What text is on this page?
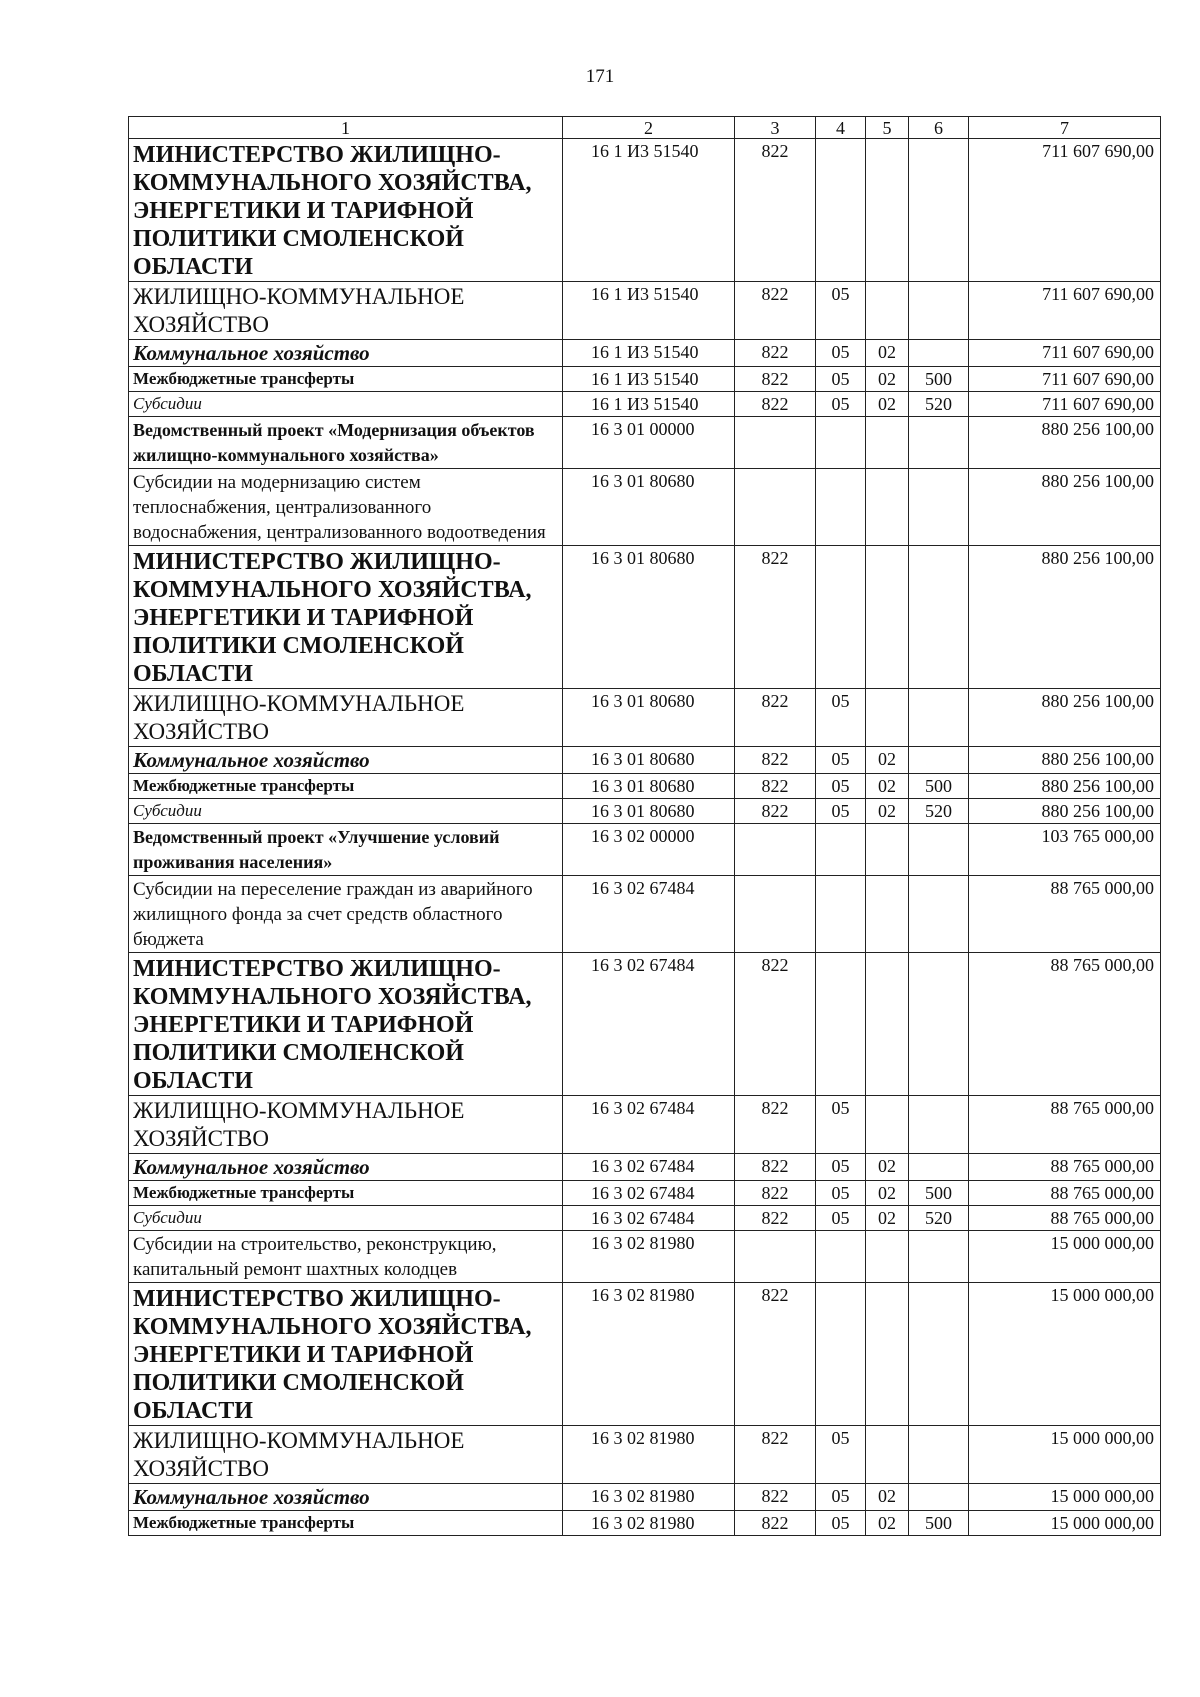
171
1	2	3	4	5	6	7
МИНИСТЕРСТВО ЖИЛИЩНО-КОММУНАЛЬНОГО ХОЗЯЙСТВА, ЭНЕРГЕТИКИ И ТАРИФНОЙ ПОЛИТИКИ СМОЛЕНСКОЙ ОБЛАСТИ	16 1 И3 51540	822				711 607 690,00
ЖИЛИЩНО-КОММУНАЛЬНОЕ ХОЗЯЙСТВО	16 1 И3 51540	822	05			711 607 690,00
Коммунальное хозяйство	16 1 И3 51540	822	05	02		711 607 690,00
Межбюджетные трансферты	16 1 И3 51540	822	05	02	500	711 607 690,00
Субсидии	16 1 И3 51540	822	05	02	520	711 607 690,00
Ведомственный проект «Модернизация объектов жилищно-коммунального хозяйства»	16 3 01 00000					880 256 100,00
Субсидии на модернизацию систем теплоснабжения, централизованного водоснабжения, централизованного водоотведения	16 3 01 80680					880 256 100,00
МИНИСТЕРСТВО ЖИЛИЩНО-КОММУНАЛЬНОГО ХОЗЯЙСТВА, ЭНЕРГЕТИКИ И ТАРИФНОЙ ПОЛИТИКИ СМОЛЕНСКОЙ ОБЛАСТИ	16 3 01 80680	822				880 256 100,00
ЖИЛИЩНО-КОММУНАЛЬНОЕ ХОЗЯЙСТВО	16 3 01 80680	822	05			880 256 100,00
Коммунальное хозяйство	16 3 01 80680	822	05	02		880 256 100,00
Межбюджетные трансферты	16 3 01 80680	822	05	02	500	880 256 100,00
Субсидии	16 3 01 80680	822	05	02	520	880 256 100,00
Ведомственный проект «Улучшение условий проживания населения»	16 3 02 00000					103 765 000,00
Субсидии на переселение граждан из аварийного жилищного фонда за счет средств областного бюджета	16 3 02 67484					88 765 000,00
МИНИСТЕРСТВО ЖИЛИЩНО-КОММУНАЛЬНОГО ХОЗЯЙСТВА, ЭНЕРГЕТИКИ И ТАРИФНОЙ ПОЛИТИКИ СМОЛЕНСКОЙ ОБЛАСТИ	16 3 02 67484	822				88 765 000,00
ЖИЛИЩНО-КОММУНАЛЬНОЕ ХОЗЯЙСТВО	16 3 02 67484	822	05			88 765 000,00
Коммунальное хозяйство	16 3 02 67484	822	05	02		88 765 000,00
Межбюджетные трансферты	16 3 02 67484	822	05	02	500	88 765 000,00
Субсидии	16 3 02 67484	822	05	02	520	88 765 000,00
Субсидии на строительство, реконструкцию, капитальный ремонт шахтных колодцев	16 3 02 81980					15 000 000,00
МИНИСТЕРСТВО ЖИЛИЩНО-КОММУНАЛЬНОГО ХОЗЯЙСТВА, ЭНЕРГЕТИКИ И ТАРИФНОЙ ПОЛИТИКИ СМОЛЕНСКОЙ ОБЛАСТИ	16 3 02 81980	822				15 000 000,00
ЖИЛИЩНО-КОММУНАЛЬНОЕ ХОЗЯЙСТВО	16 3 02 81980	822	05			15 000 000,00
Коммунальное хозяйство	16 3 02 81980	822	05	02		15 000 000,00
Межбюджетные трансферты	16 3 02 81980	822	05	02	500	15 000 000,00
